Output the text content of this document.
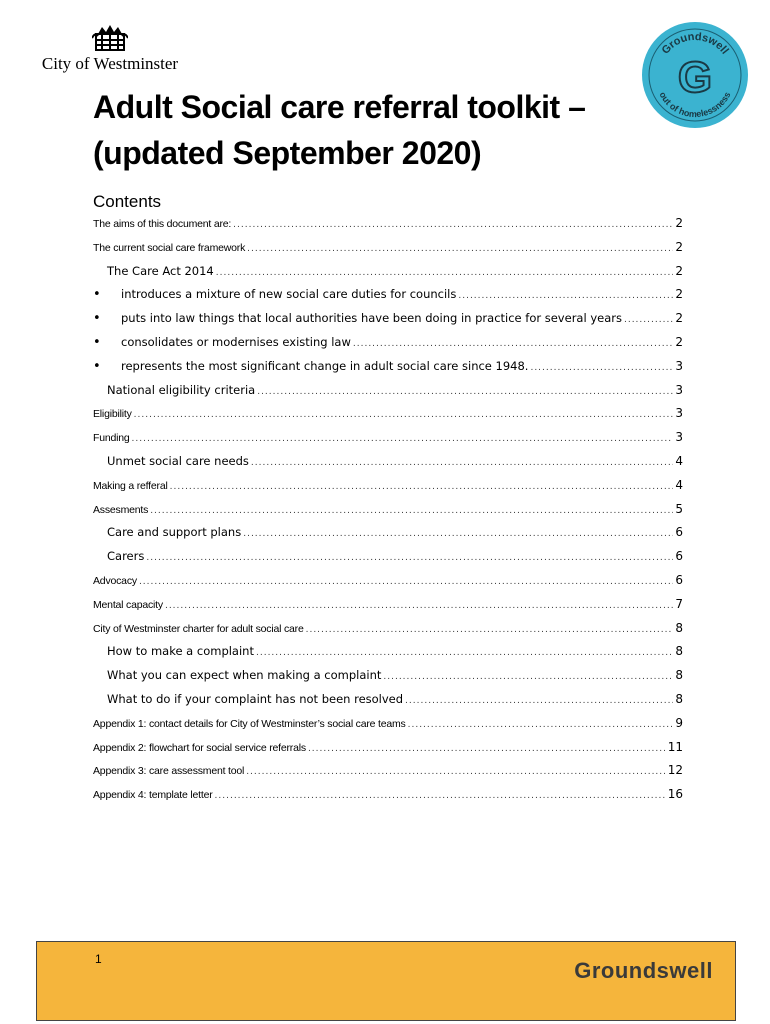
City of Westminster
Groundswell
out of homelessness
G
Adult Social care referral toolkit – (updated September 2020)
Contents
The aims of this document are: .....	2
The current social care framework .....	2
The Care Act 2014 .....	2
• introduces a mixture of new social care duties for councils .....	2
• puts into law things that local authorities have been doing in practice for several years .....	2
• consolidates or modernises existing law .....	2
• represents the most significant change in adult social care since 1948. .....	3
National eligibility criteria .....	3
Eligibility .....	3
Funding .....	3
Unmet social care needs .....	4
Making a refferal .....	4
Assesments .....	5
Care and support plans .....	6
Carers .....	6
Advocacy .....	6
Mental capacity .....	7
City of Westminster charter for adult social care .....	8
How to make a complaint .....	8
What you can expect when making a complaint .....	8
What to do if your complaint has not been resolved .....	8
Appendix 1: contact details for City of Westminster’s social care teams .....	9
Appendix 2: flowchart for social service referrals .....	11
Appendix 3: care assessment tool .....	12
Appendix 4: template letter .....	16
1	Groundswell
